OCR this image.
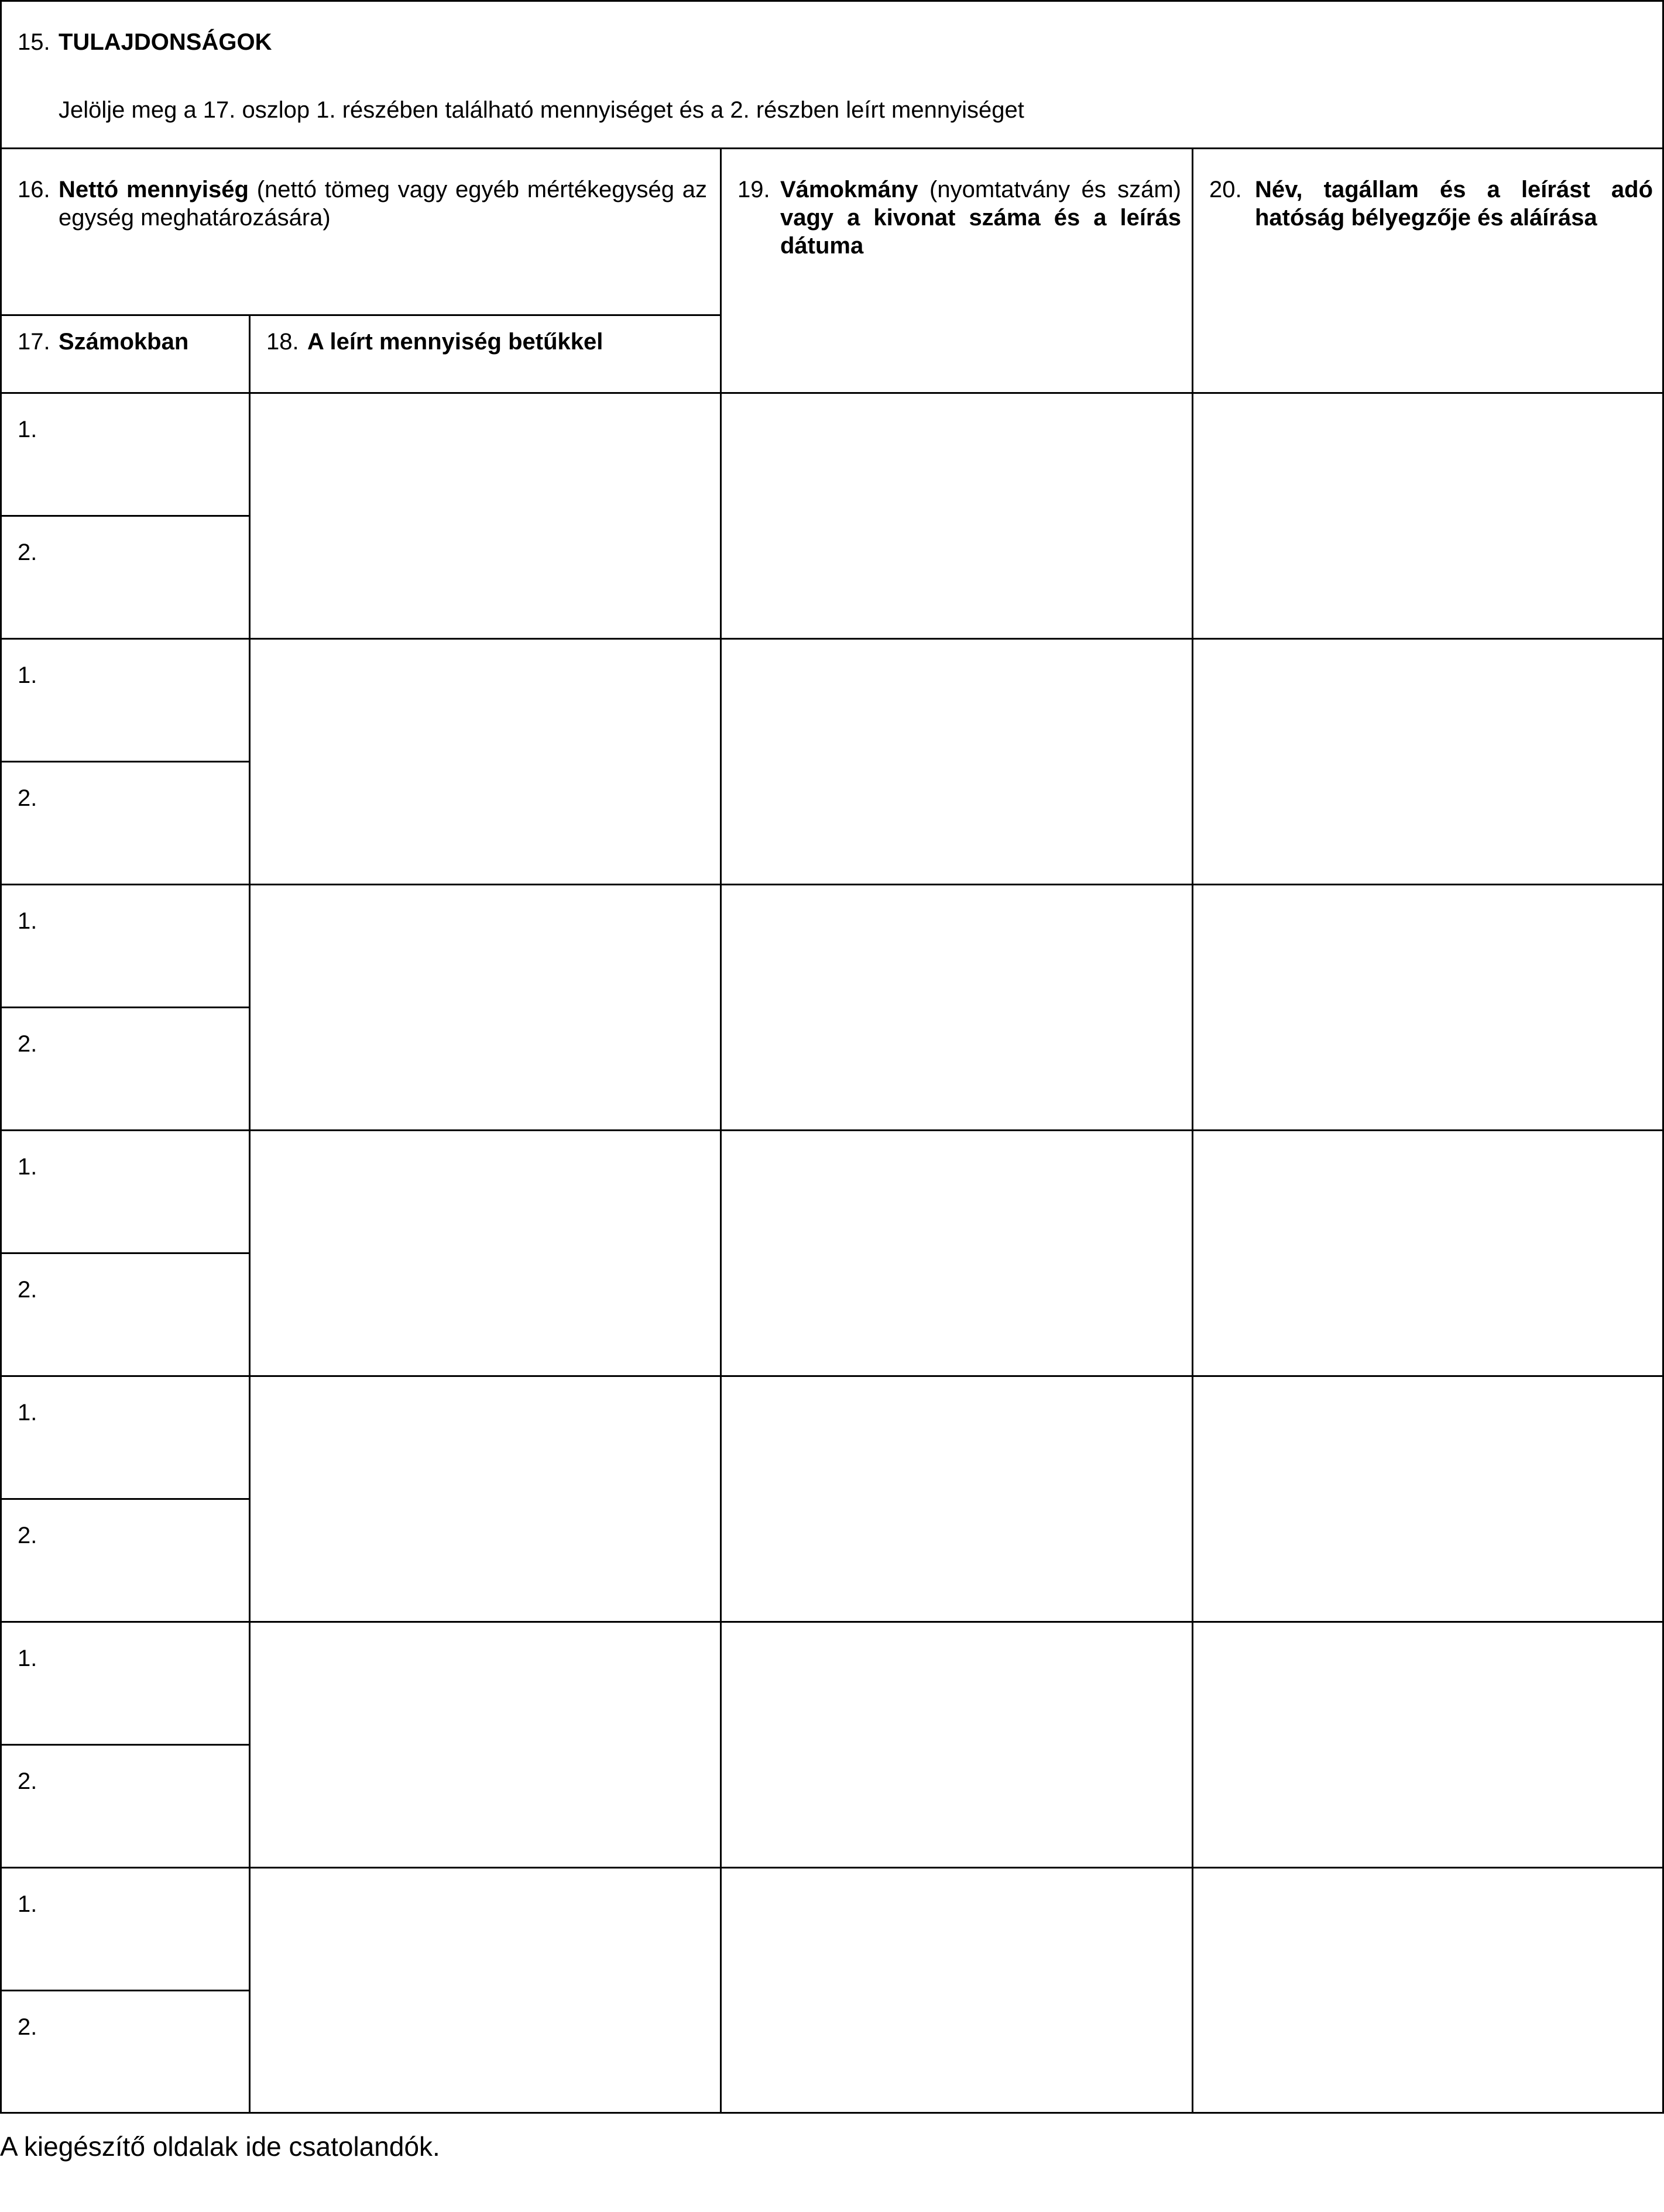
15. TULAJDONSÁGOK
Jelölje meg a 17. oszlop 1. részében található mennyiséget és a 2. részben leírt mennyiséget
16. Nettó mennyiség (nettó tömeg vagy egyéb mértékegység az egység meghatározására)
17. Számokban	18. A leírt mennyiség betűkkel
19. Vámokmány (nyomtatvány és szám) vagy a kivonat száma és a leírás dátuma
20. Név, tagállam és a leírást adó hatóság bélyegzője és aláírása
1.
2.
1.
2.
1.
2.
1.
2.
1.
2.
1.
2.
1.
2.
A kiegészítő oldalak ide csatolandók.
